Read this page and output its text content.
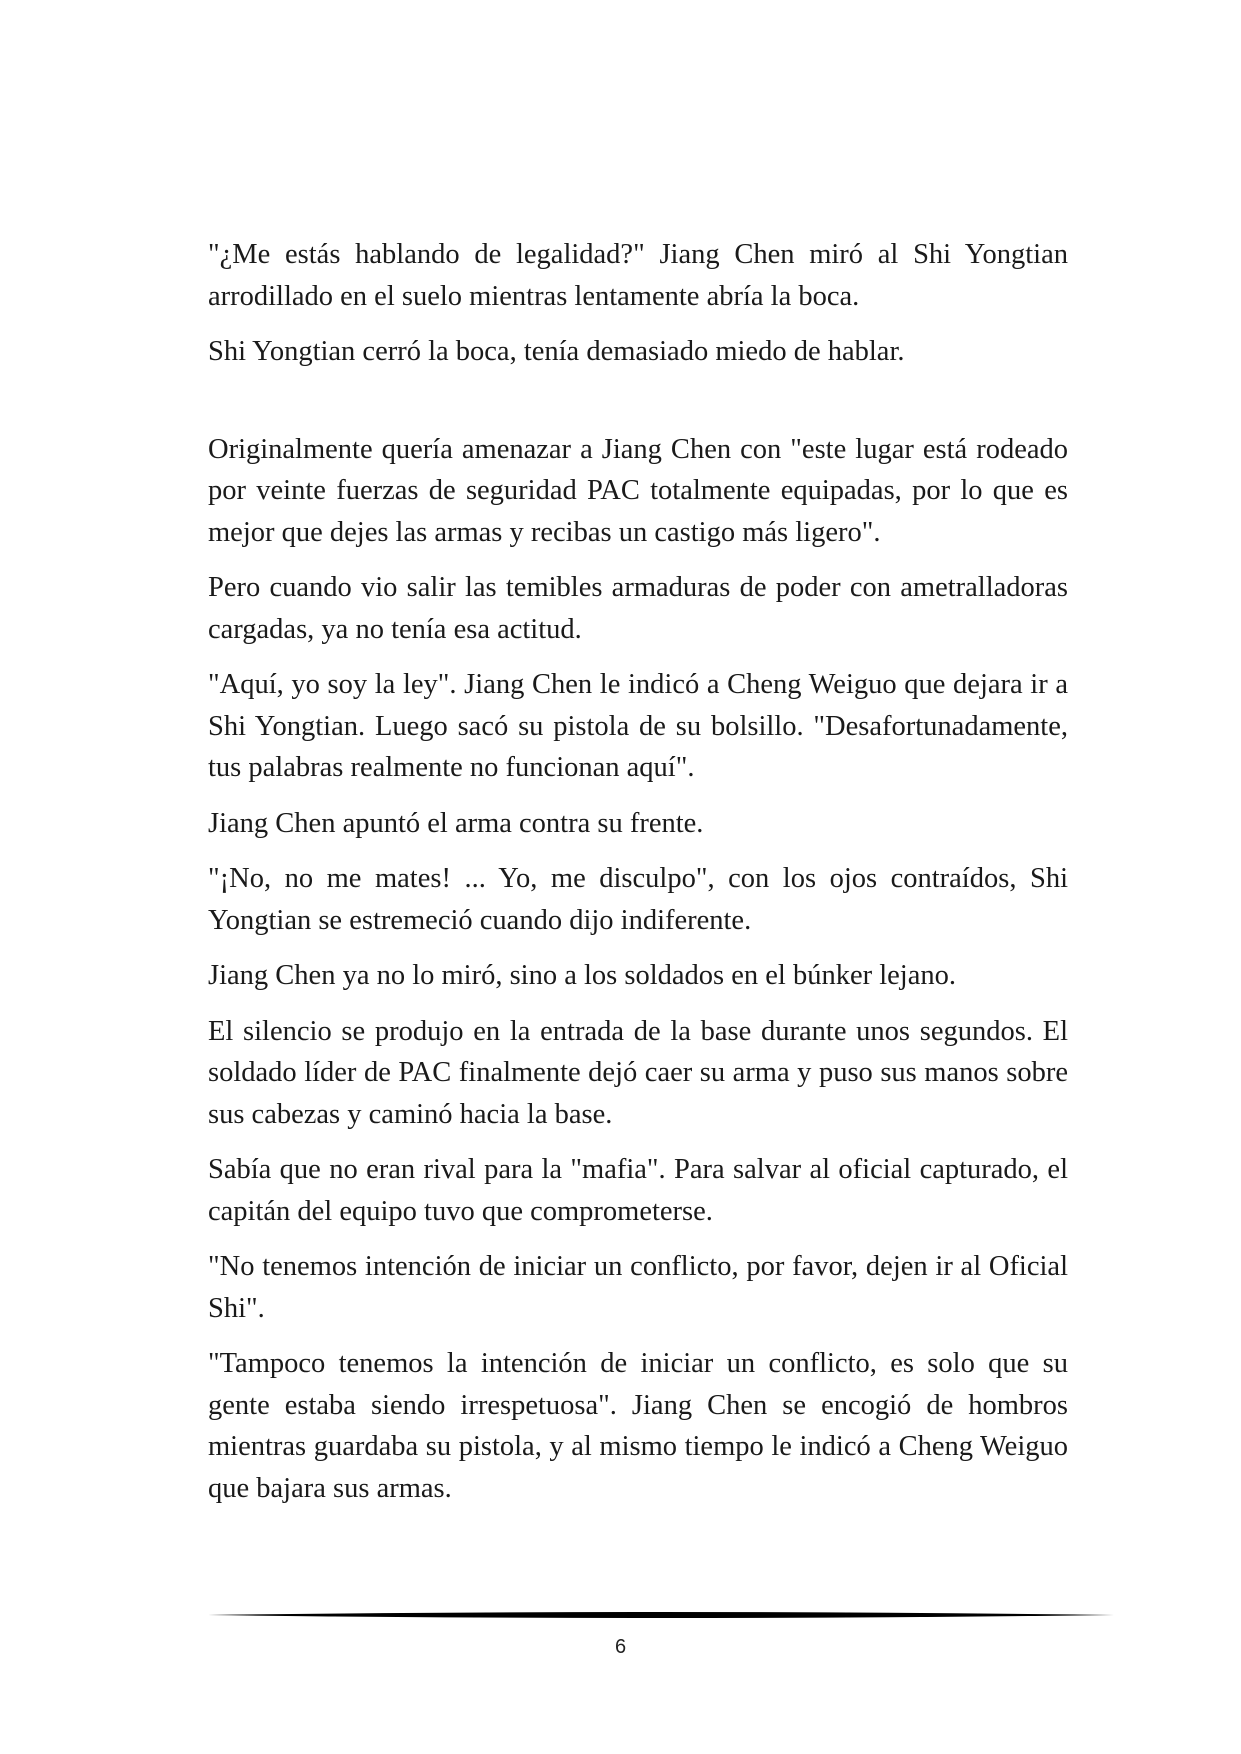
"¿Me estás hablando de legalidad?" Jiang Chen miró al Shi Yongtian arrodillado en el suelo mientras lentamente abría la boca.

Shi Yongtian cerró la boca, tenía demasiado miedo de hablar.

Originalmente quería amenazar a Jiang Chen con "este lugar está rodeado por veinte fuerzas de seguridad PAC totalmente equipadas, por lo que es mejor que dejes las armas y recibas un castigo más ligero".

Pero cuando vio salir las temibles armaduras de poder con ametralladoras cargadas, ya no tenía esa actitud.

"Aquí, yo soy la ley". Jiang Chen le indicó a Cheng Weiguo que dejara ir a Shi Yongtian. Luego sacó su pistola de su bolsillo. "Desafortunadamente, tus palabras realmente no funcionan aquí".

Jiang Chen apuntó el arma contra su frente.

"¡No, no me mates! ... Yo, me disculpo", con los ojos contraídos, Shi Yongtian se estremeció cuando dijo indiferente.

Jiang Chen ya no lo miró, sino a los soldados en el búnker lejano.

El silencio se produjo en la entrada de la base durante unos segundos. El soldado líder de PAC finalmente dejó caer su arma y puso sus manos sobre sus cabezas y caminó hacia la base.

Sabía que no eran rival para la "mafia". Para salvar al oficial capturado, el capitán del equipo tuvo que comprometerse.

"No tenemos intención de iniciar un conflicto, por favor, dejen ir al Oficial Shi".

"Tampoco tenemos la intención de iniciar un conflicto, es solo que su gente estaba siendo irrespetuosa". Jiang Chen se encogió de hombros mientras guardaba su pistola, y al mismo tiempo le indicó a Cheng Weiguo que bajara sus armas.

6
